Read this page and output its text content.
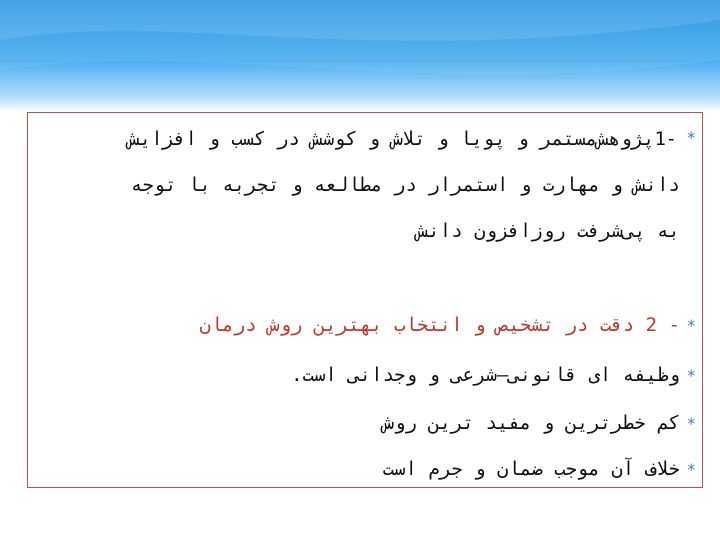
*
-
1پژوهش‌مستمر و پویا و تلاش و کوشش در کسب و افزایش
دانش و مهارت و استمرار در مطالعه و تجربه با توجه
به پی‌شرفت روزافزون دانش
*
- 2 دقت در تشخیص و انتخاب بهترین روش درمان
*
وظیفه ای قانونی–شرعی و وجدانی است.
*
کم خطرترین و مفید ترین روش
*
خلاف آن موجب ضمان و جرم است
